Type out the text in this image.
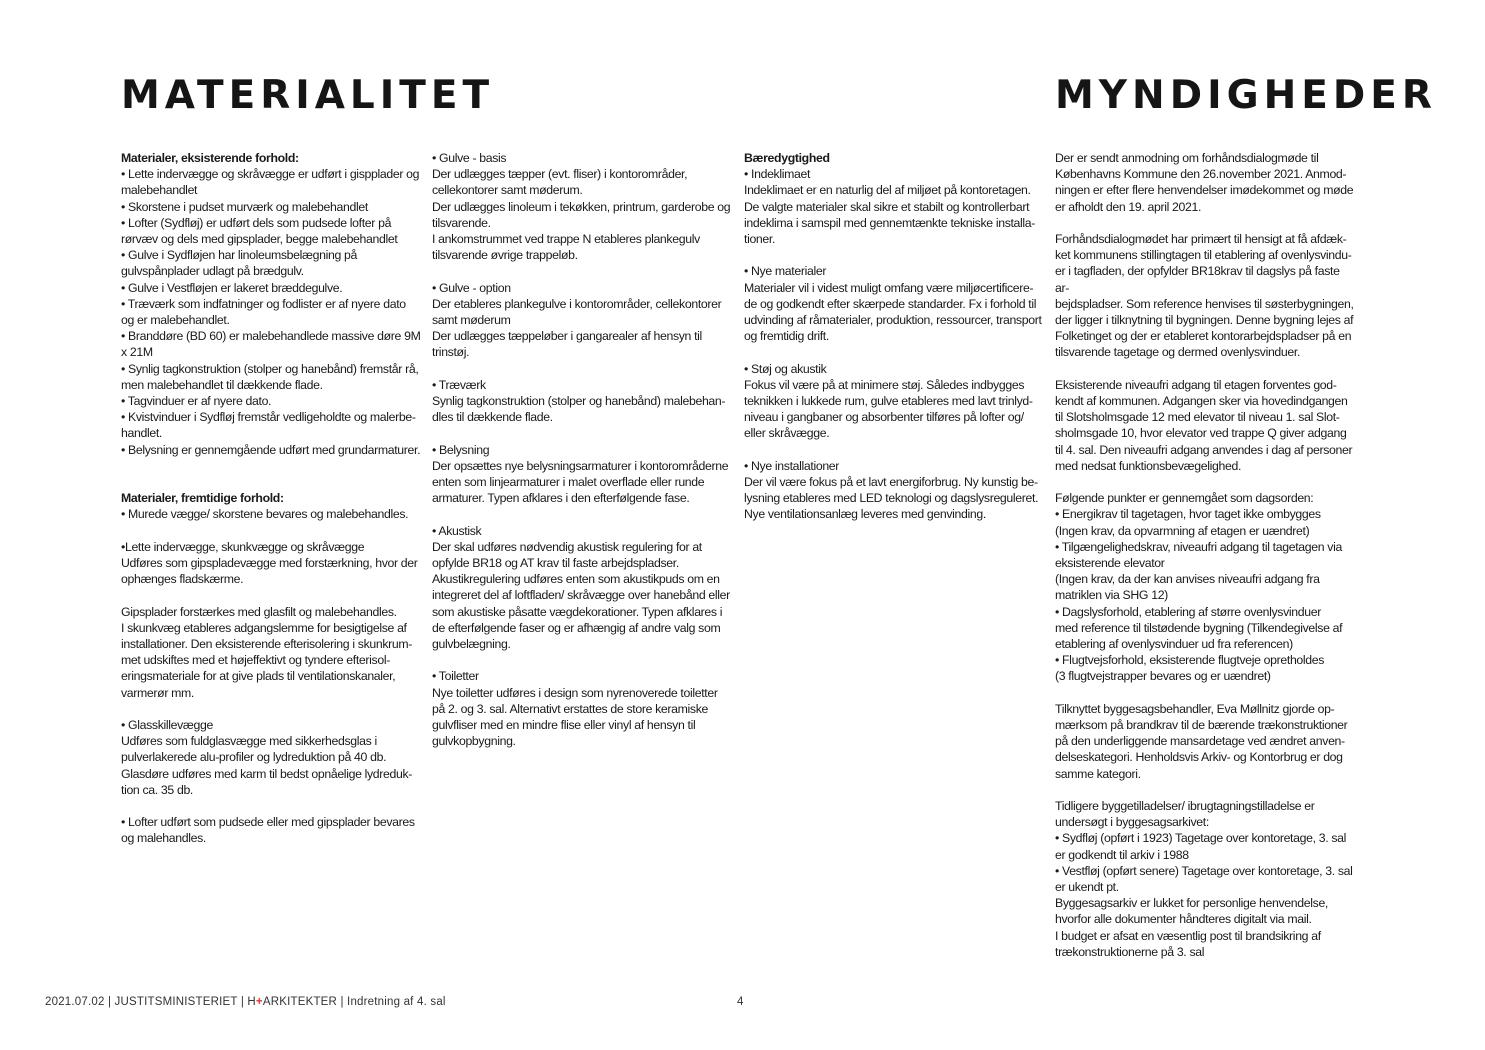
MATERIALITET	MYNDIGHEDER

Materialer, eksisterende forhold:

• Lette indervægge og skråvægge er udført i gispplader og
malebehandlet
• Skorstene i pudset murværk og malebehandlet
• Lofter (Sydfløj) er udført dels som pudsede lofter på
rørvæv og dels med gipsplader, begge malebehandlet
• Gulve i Sydfløjen har linoleumsbelægning på
gulvspånplader udlagt på brædgulv.
• Gulve i Vestfløjen er lakeret bræddegulve.
• Træværk som indfatninger og fodlister er af nyere dato
og er malebehandlet.
• Branddøre (BD 60) er malebehandlede massive døre 9M
x 21M
• Synlig tagkonstruktion (stolper og hanebånd) fremstår rå,
men malebehandlet til dækkende flade.
• Tagvinduer er af nyere dato.
• Kvistvinduer i Sydfløj fremstår vedligeholdte og malerbe-
handlet.
• Belysning er gennemgående udført med grundarmaturer.

Materialer, fremtidige forhold:

• Murede vægge/ skorstene bevares og malebehandles.

•Lette indervægge, skunkvægge og skråvægge
Udføres som gipspladevægge med forstærkning, hvor der
ophænges fladskærme.

Gipsplader forstærkes med glasfilt og malebehandles.
I skunkvæg etableres adgangslemme for besigtigelse af
installationer. Den eksisterende efterisolering i skunkrum-
met udskiftes med et højeffektivt og tyndere efterisol-
eringsmateriale for at give plads til ventilationskanaler,
varmerør mm.

• Glasskillevægge
Udføres som fuldglasvægge med sikkerhedsglas i
pulverlakerede alu-profiler og lydreduktion på 40 db.
Glasdøre udføres med karm til bedst opnåelige lydreduk-
tion ca. 35 db.

• Lofter udført som pudsede eller med gipsplader bevares
og malehandles.

• Gulve - basis
Der udlægges tæpper (evt. fliser) i kontorområder,
cellekontorer samt møderum.
Der udlægges linoleum i tekøkken, printrum, garderobe og
tilsvarende.
I ankomstrummet ved trappe N etableres plankegulv
tilsvarende øvrige trappeløb.

• Gulve - option
Der etableres plankegulve i kontorområder, cellekontorer
samt møderum
Der udlægges tæppeløber i gangarealer af hensyn til
trinstøj.

• Træværk
Synlig tagkonstruktion (stolper og hanebånd) malebehan-
dles til dækkende flade.

• Belysning
Der opsættes nye belysningsarmaturer i kontorområderne
enten som linjearmaturer i malet overflade eller runde
armaturer. Typen afklares i den efterfølgende fase.

• Akustisk
Der skal udføres nødvendig akustisk regulering for at
opfylde BR18 og AT krav til faste arbejdspladser.
Akustikregulering udføres enten som akustikpuds om en
integreret del af loftfladen/ skråvægge over hanebånd eller
som akustiske påsatte vægdekorationer. Typen afklares i
de efterfølgende faser og er afhængig af andre valg som
gulvbelægning.

• Toiletter
Nye toiletter udføres i design som nyrenoverede toiletter
på 2. og 3. sal. Alternativt erstattes de store keramiske
gulvfliser med en mindre flise eller vinyl af hensyn til
gulvkopbygning.

Bæredygtighed

• Indeklimaet
Indeklimaet er en naturlig del af miljøet på kontoretagen.
De valgte materialer skal sikre et stabilt og kontrollerbart
indeklima i samspil med gennemtænkte tekniske installa-
tioner.

• Nye materialer
Materialer vil i videst muligt omfang være miljøcertificere-
de og godkendt efter skærpede standarder. Fx i forhold til
udvinding af råmaterialer, produktion, ressourcer, transport
og fremtidig drift.

• Støj og akustik
Fokus vil være på at minimere støj. Således indbygges
teknikken i lukkede rum, gulve etableres med lavt trinlyd-
niveau i gangbaner og absorbenter tilføres på lofter og/
eller skråvægge.

• Nye installationer
Der vil være fokus på et lavt energiforbrug. Ny kunstig be-
lysning etableres med LED teknologi og dagslysreguleret.
Nye ventilationsanlæg leveres med genvinding.

Der er sendt anmodning om forhåndsdialogmøde til
Københavns Kommune den 26.november 2021. Anmod-
ningen er efter flere henvendelser imødekommet og møde
er afholdt den 19. april 2021.

Forhåndsdialogmødet har primært til hensigt at få afdæk-
ket kommunens stillingtagen til etablering af ovenlysvindu-
er i tagfladen, der opfylder BR18krav til dagslys på faste ar-
bejdspladser. Som reference henvises til søsterbygningen,
der ligger i tilknytning til bygningen. Denne bygning lejes af
Folketinget og der er etableret kontorarbejdspladser på en
tilsvarende tagetage og dermed ovenlysvinduer.

Eksisterende niveaufri adgang til etagen forventes god-
kendt af kommunen. Adgangen sker via hovedindgangen
til Slotsholmsgade 12 med elevator til niveau 1. sal Slot-
sholmsgade 10, hvor elevator ved trappe Q giver adgang
til 4. sal. Den niveaufri adgang anvendes i dag af personer
med nedsat funktionsbevægelighed.

Følgende punkter er gennemgået som dagsorden:
• Energikrav til tagetagen, hvor taget ikke ombygges
(Ingen krav, da opvarmning af etagen er uændret)
• Tilgængelighedskrav, niveaufri adgang til tagetagen via
eksisterende elevator
(Ingen krav, da der kan anvises niveaufri adgang fra
matriklen via SHG 12)
• Dagslysforhold, etablering af større ovenlysvinduer
med reference til tilstødende bygning (Tilkendegivelse af
etablering af ovenlysvinduer ud fra referencen)
• Flugtvejsforhold, eksisterende flugtveje opretholdes
(3 flugtvejstrapper bevares og er uændret)

Tilknyttet byggesagsbehandler, Eva Møllnitz gjorde op-
mærksom på brandkrav til de bærende trækonstruktioner
på den underliggende mansardetage ved ændret anven-
delseskategori. Henholdsvis Arkiv- og Kontorbrug er dog
samme kategori.

Tidligere byggetilladelser/ ibrugtagningstilladelse er
undersøgt i byggesagsarkivet:
• Sydfløj (opført i 1923) Tagetage over kontoretage, 3. sal
er godkendt til arkiv i 1988
• Vestfløj (opført senere) Tagetage over kontoretage, 3. sal
er ukendt pt.
Byggesagsarkiv er lukket for personlige henvendelse,
hvorfor alle dokumenter håndteres digitalt via mail.
I budget er afsat en væsentlig post til brandsikring af
trækonstruktionerne på 3. sal

2021.07.02 | JUSTITSMINISTERIET | H+ARKITEKTER | Indretning af 4. sal	4
